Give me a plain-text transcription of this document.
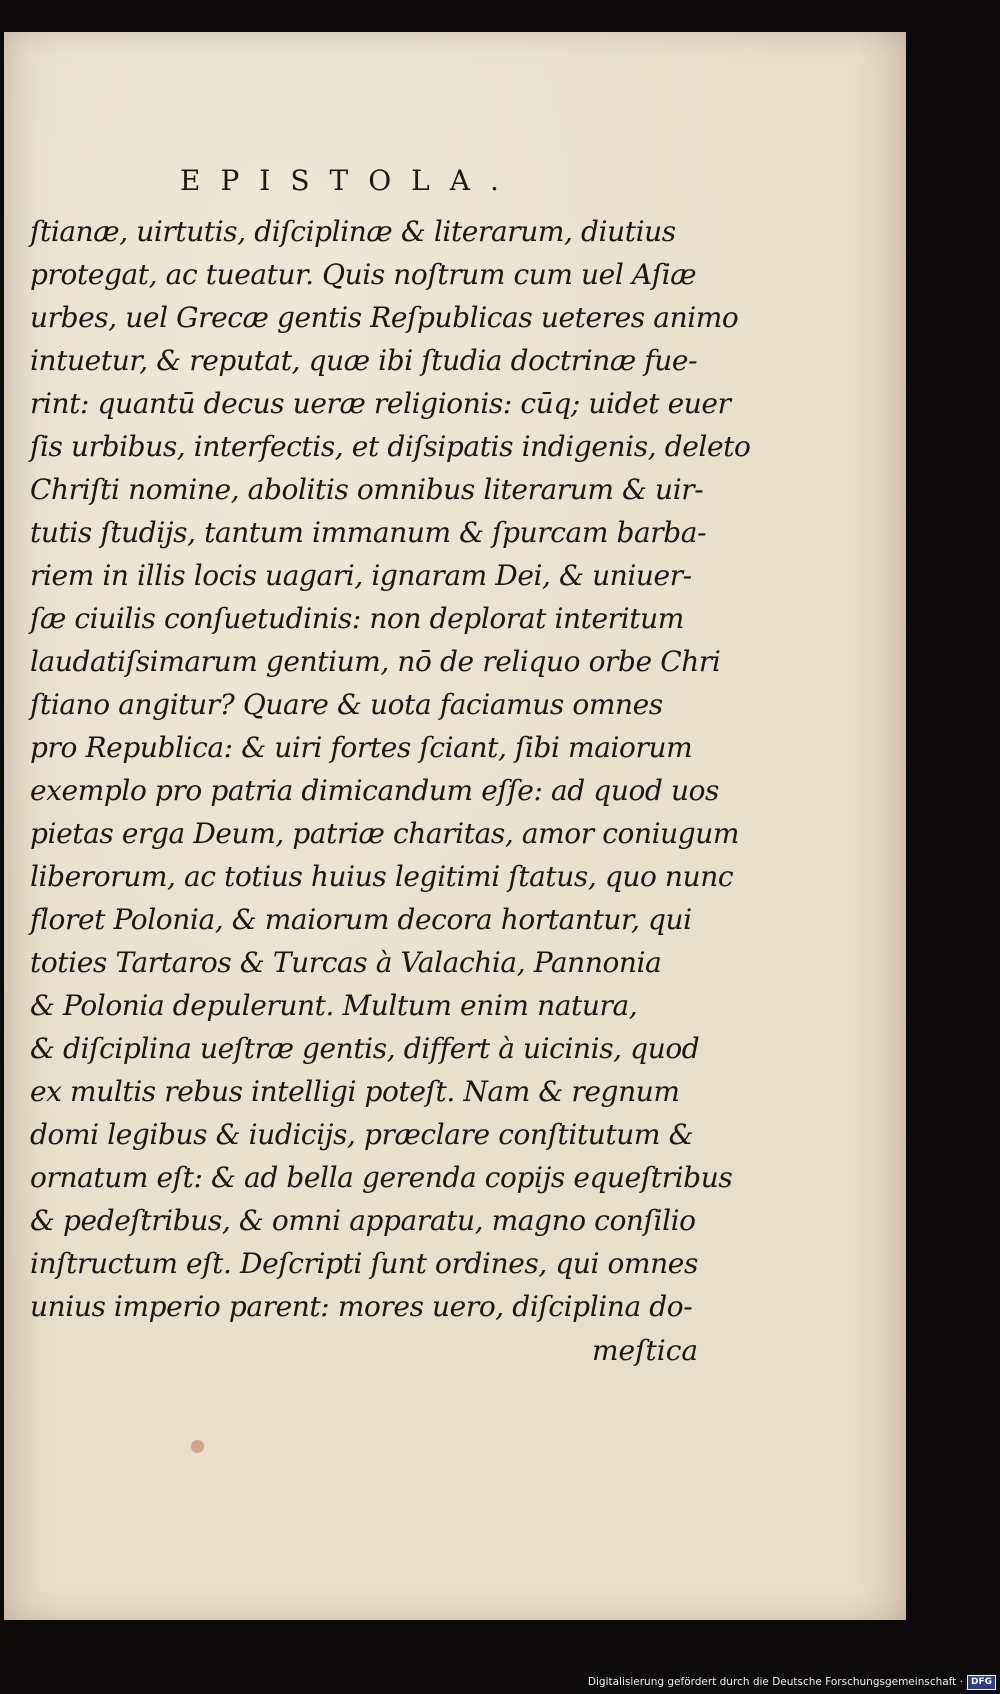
EPISTOLA.
ſtianæ, uirtutis, diſciplinæ & literarum, diutius
protegat, ac tueatur. Quis noſtrum cum uel Aſiæ
urbes, uel Grecæ gentis Reſpublicas ueteres animo
intuetur, & reputat, quæ ibi ſtudia doctrinæ fue-
rint: quantū decus ueræ religionis: cūq; uidet euer
ſis urbibus, interfectis, et diſsipatis indigenis, deleto
Chriſti nomine, abolitis omnibus literarum & uir-
tutis ſtudijs, tantum immanum & ſpurcam barba-
riem in illis locis uagari, ignaram Dei, & uniuer-
ſæ ciuilis conſuetudinis: non deplorat interitum
laudatiſsimarum gentium, nō de reliquo orbe Chri
ſtiano angitur? Quare & uota faciamus omnes
pro Republica: & uiri fortes ſciant, ſibi maiorum
exemplo pro patria dimicandum eſſe: ad quod uos
pietas erga Deum, patriæ charitas, amor coniugum
liberorum, ac totius huius legitimi ſtatus, quo nunc
floret Polonia, & maiorum decora hortantur, qui
toties Tartaros & Turcas à Valachia, Pannonia
& Polonia depulerunt. Multum enim natura,
& diſciplina ueſtræ gentis, differt à uicinis, quod
ex multis rebus intelligi poteſt. Nam & regnum
domi legibus & iudicijs, præclare conſtitutum &
ornatum eſt: & ad bella gerenda copijs equeſtribus
& pedeſtribus, & omni apparatu, magno conſilio
inſtructum eſt. Deſcripti ſunt ordines, qui omnes
unius imperio parent: mores uero, diſciplina do-
meſtica
Digitalisierung gefördert durch die Deutsche Forschungsgemeinschaft · DFG
